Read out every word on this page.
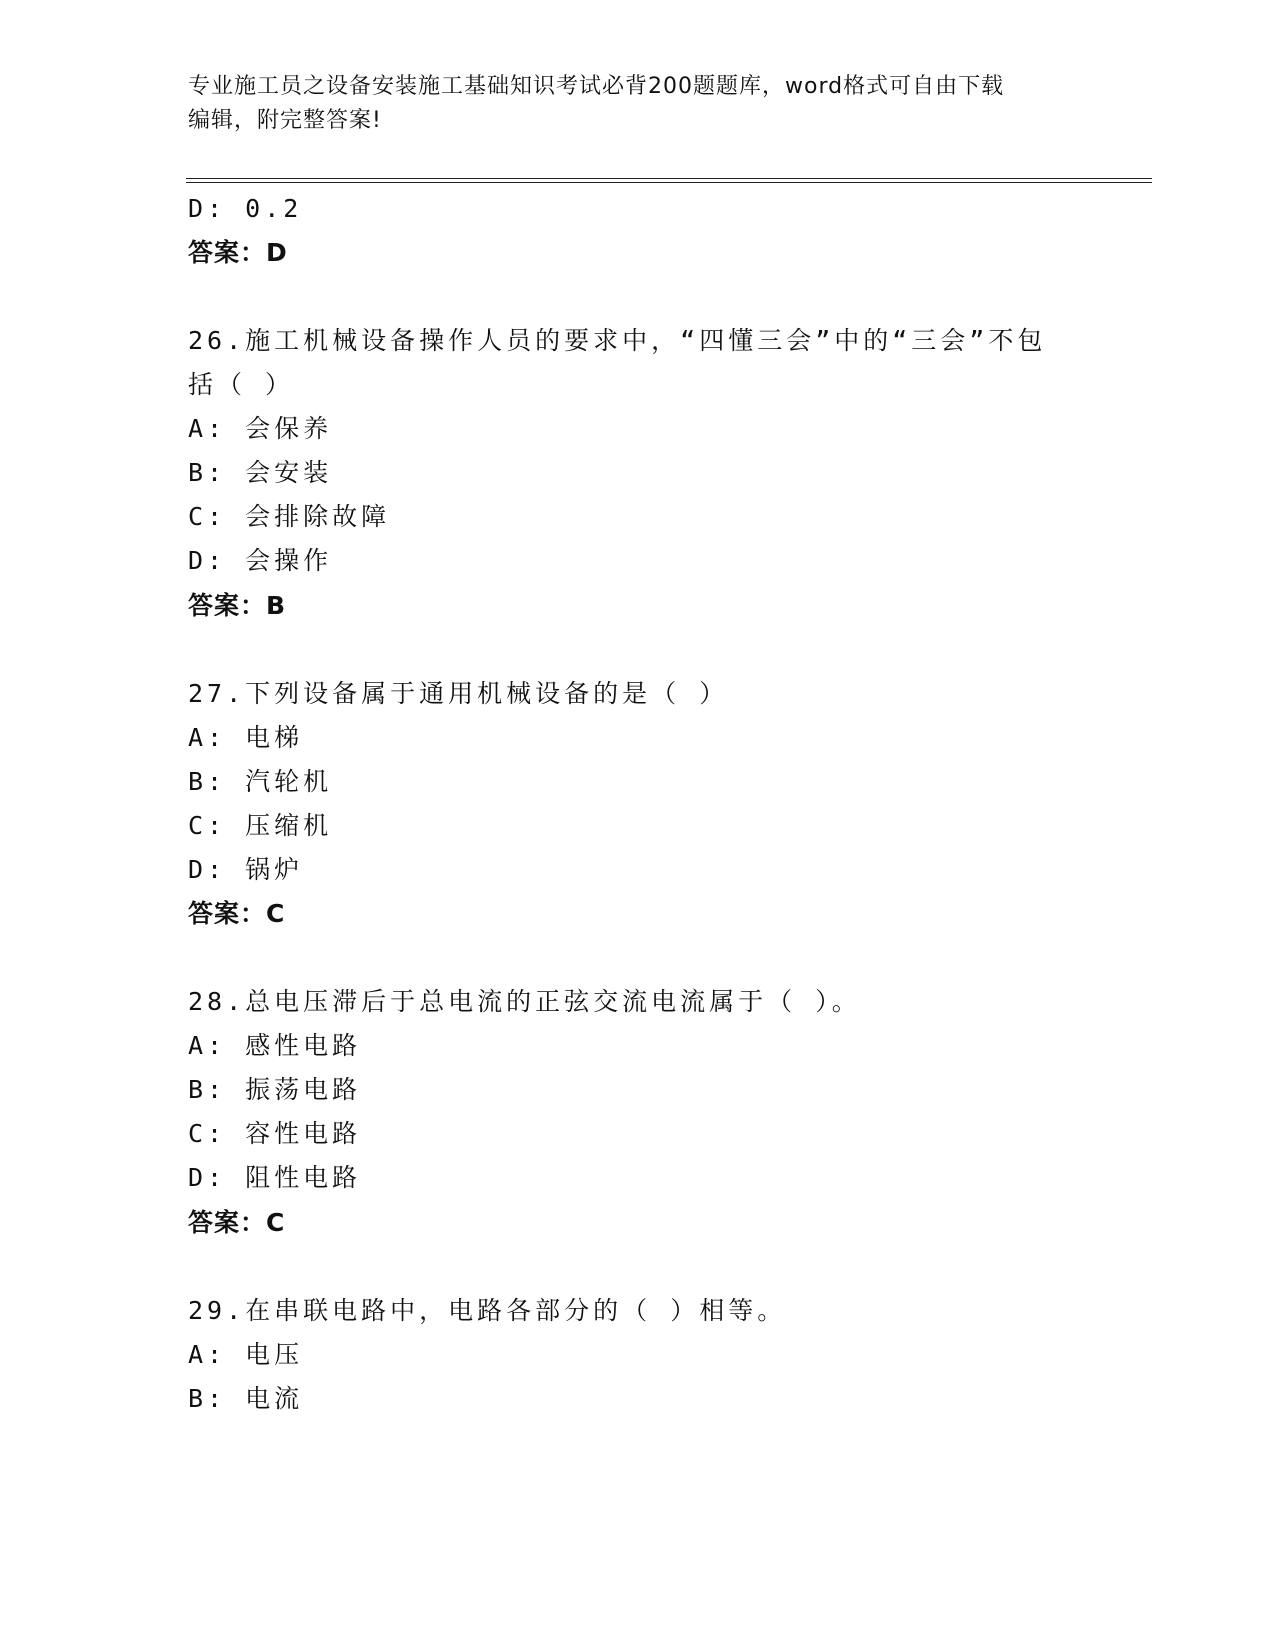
专业施工员之设备安装施工基础知识考试必背200题题库，word格式可自由下载
编辑，附完整答案!
D: 0.2
答案：D
26.施工机械设备操作人员的要求中，“四懂三会”中的“三会”不包
括（ ）
A: 会保养
B: 会安装
C: 会排除故障
D: 会操作
答案：B
27.下列设备属于通用机械设备的是（ ）
A: 电梯
B: 汽轮机
C: 压缩机
D: 锅炉
答案：C
28.总电压滞后于总电流的正弦交流电流属于（ ）。
A: 感性电路
B: 振荡电路
C: 容性电路
D: 阻性电路
答案：C
29.在串联电路中，电路各部分的（ ）相等。
A: 电压
B: 电流
